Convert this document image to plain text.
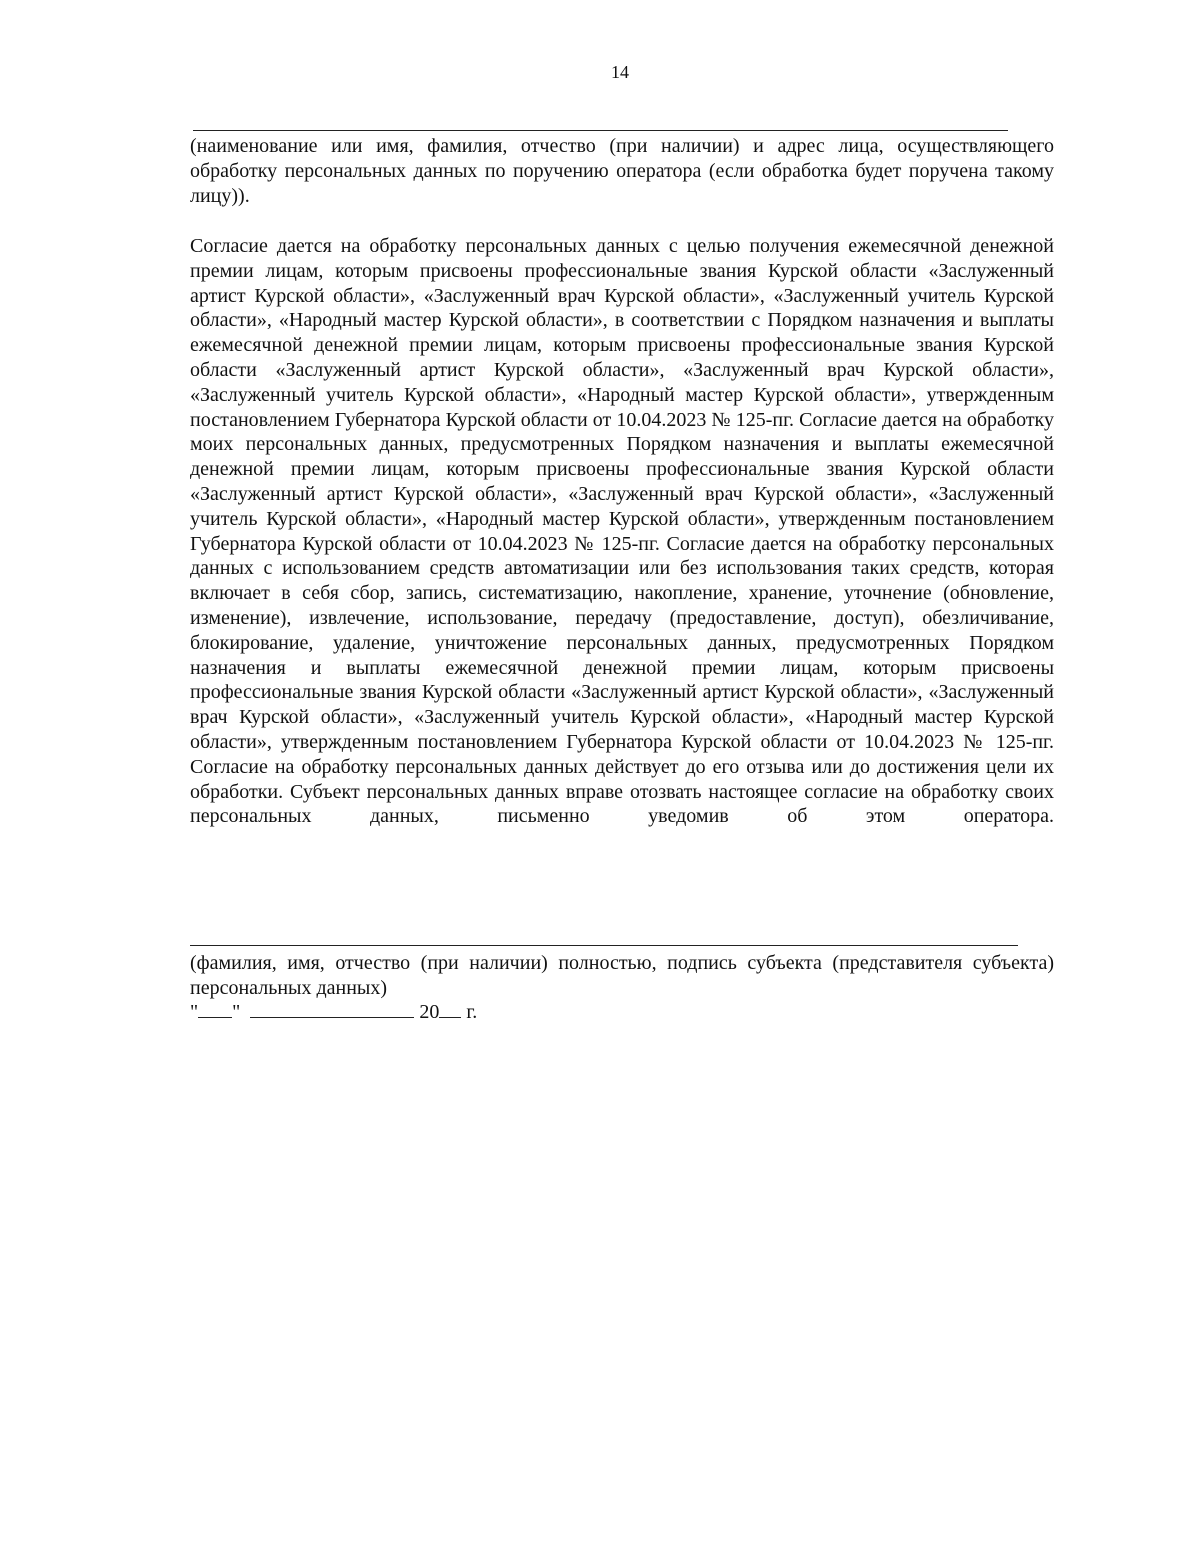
14
(наименование или имя, фамилия, отчество (при наличии) и адрес лица, осуществляющего обработку персональных данных по поручению оператора (если обработка будет поручена такому лицу)).
Согласие дается на обработку персональных данных с целью получения ежемесячной денежной премии лицам, которым присвоены профессиональные звания Курской области «Заслуженный артист Курской области», «Заслуженный врач Курской области», «Заслуженный учитель Курской области», «Народный мастер Курской области», в соответствии с Порядком назначения и выплаты ежемесячной денежной премии лицам, которым присвоены профессиональные звания Курской области «Заслуженный артист Курской области», «Заслуженный врач Курской области», «Заслуженный учитель Курской области», «Народный мастер Курской области», утвержденным постановлением Губернатора Курской области от 10.04.2023 № 125-пг. Согласие дается на обработку моих персональных данных, предусмотренных Порядком назначения и выплаты ежемесячной денежной премии лицам, которым присвоены профессиональные звания Курской области «Заслуженный артист Курской области», «Заслуженный врач Курской области», «Заслуженный учитель Курской области», «Народный мастер Курской области», утвержденным постановлением Губернатора Курской области от 10.04.2023 № 125-пг. Согласие дается на обработку персональных данных с использованием средств автоматизации или без использования таких средств, которая включает в себя сбор, запись, систематизацию, накопление, хранение, уточнение (обновление, изменение), извлечение, использование, передачу (предоставление, доступ), обезличивание, блокирование, удаление, уничтожение персональных данных, предусмотренных Порядком назначения и выплаты ежемесячной денежной премии лицам, которым присвоены профессиональные звания Курской области «Заслуженный артист Курской области», «Заслуженный врач Курской области», «Заслуженный учитель Курской области», «Народный мастер Курской области», утвержденным постановлением Губернатора Курской области от 10.04.2023 № 125-пг. Согласие на обработку персональных данных действует до его отзыва или до достижения цели их обработки. Субъект персональных данных вправе отозвать настоящее согласие на обработку своих персональных данных, письменно уведомив об этом оператора.
(фамилия, имя, отчество (при наличии) полностью, подпись субъекта (представителя субъекта) персональных данных)
" "	20 г.
